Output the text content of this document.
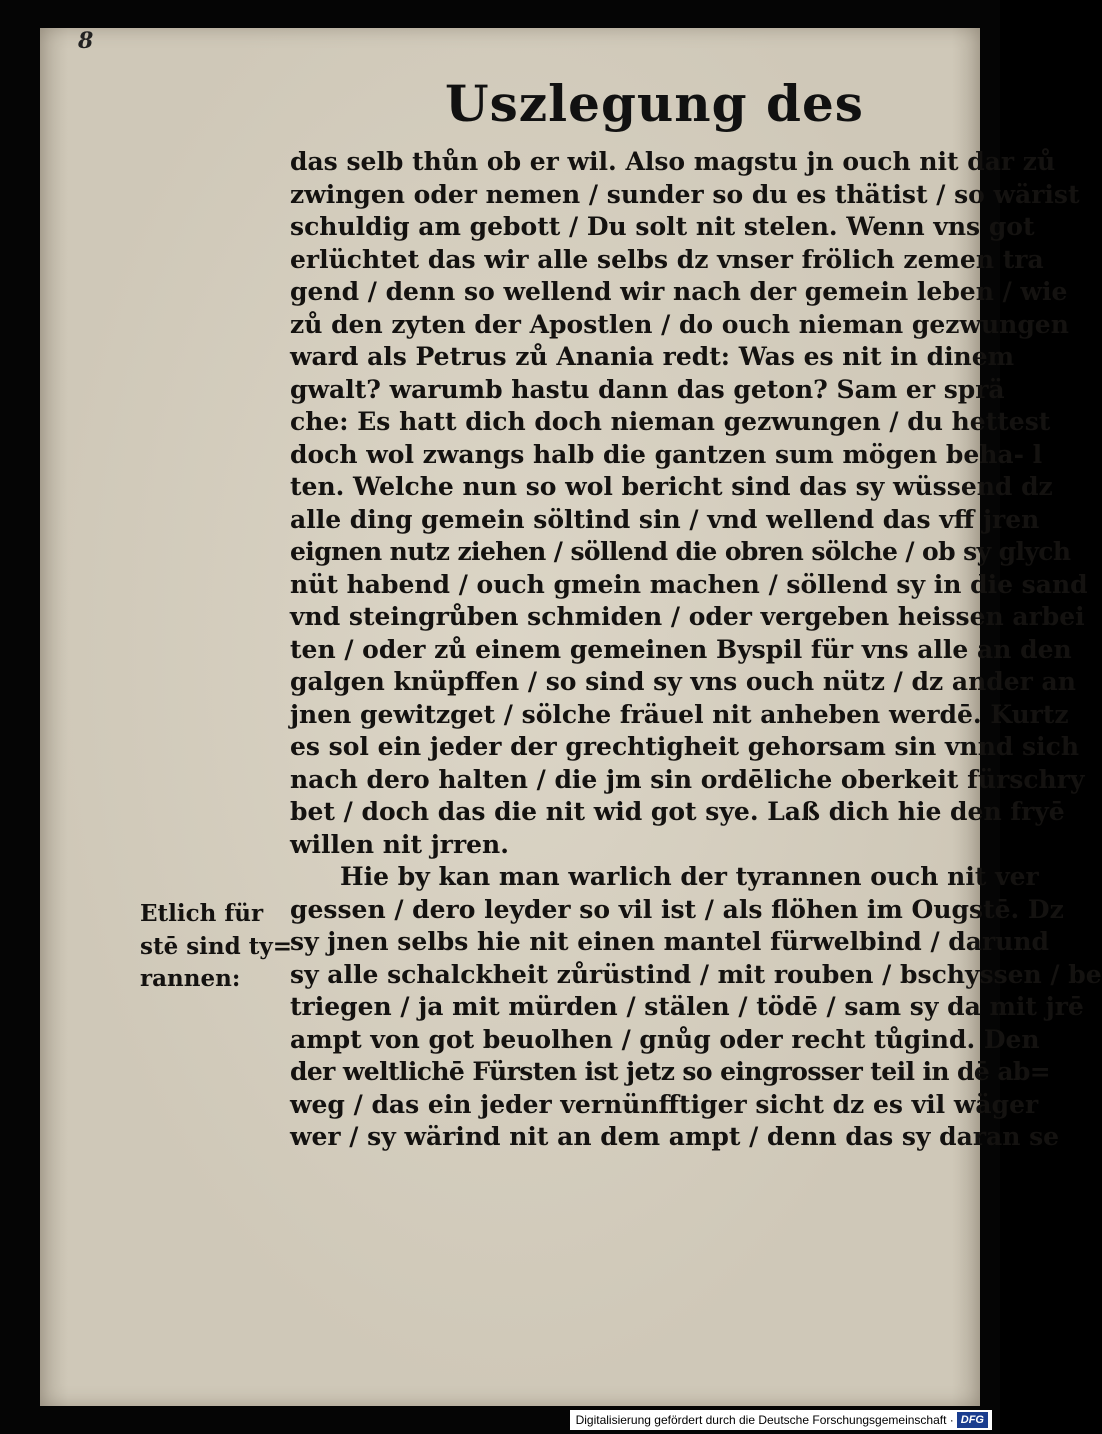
8
Uszlegung des
das selb thůn ob er wil. Also magstu jn ouch nit dar zů
zwingen oder nemen / sunder so du es thätist / so wärist
schuldig am gebott / Du solt nit stelen. Wenn vns got
erlüchtet das wir alle selbs dz vnser frölich zemen tra
gend / denn so wellend wir nach der gemein leben / wie
zů den zyten der Apostlen / do ouch nieman gezwungen
ward als Petrus zů Anania redt: Was es nit in dinem
gwalt? warumb hastu dann das geton? Sam er sprä
che: Es hatt dich doch nieman gezwungen / du hettest
doch wol zwangs halb die gantzen sum mögen beha- l
ten. Welche nun so wol bericht sind das sy wüssend dz
alle ding gemein söltind sin / vnd wellend das vff jren
eignen nutz ziehen / söllend die obren sölche / ob sy glych
nüt habend / ouch gmein machen / söllend sy in die sand
vnd steingrůben schmiden / oder vergeben heissen arbei
ten / oder zů einem gemeinen Byspil für vns alle an den
galgen knüpffen / so sind sy vns ouch nütz / dz ander an
jnen gewitzget / sölche fräuel nit anheben werdē. Kurtz
es sol ein jeder der grechtigheit gehorsam sin vnnd sich
nach dero halten / die jm sin ordēliche oberkeit fürschry
bet / doch das die nit wid got sye. Laß dich hie den fryē
willen nit jrren.
Hie by kan man warlich der tyrannen ouch nit ver
gessen / dero leyder so vil ist / als flöhen im Ougstē. Dz
sy jnen selbs hie nit einen mantel fürwelbind / darund
sy alle schalckheit zůrüstind / mit rouben / bschyssen / be
triegen / ja mit mürden / stälen / tödē / sam sy da mit jrē
ampt von got beuolhen / gnůg oder recht tůgind. Den
der weltlichē Fürsten ist jetz so eingrosser teil in dē ab=
weg / das ein jeder vernünfftiger sicht dz es vil wäger
wer / sy wärind nit an dem ampt / denn das sy daran se
Etlich für
stē sind ty=
rannen:
Digitalisierung gefördert durch die Deutsche Forschungsgemeinschaft · DFG
